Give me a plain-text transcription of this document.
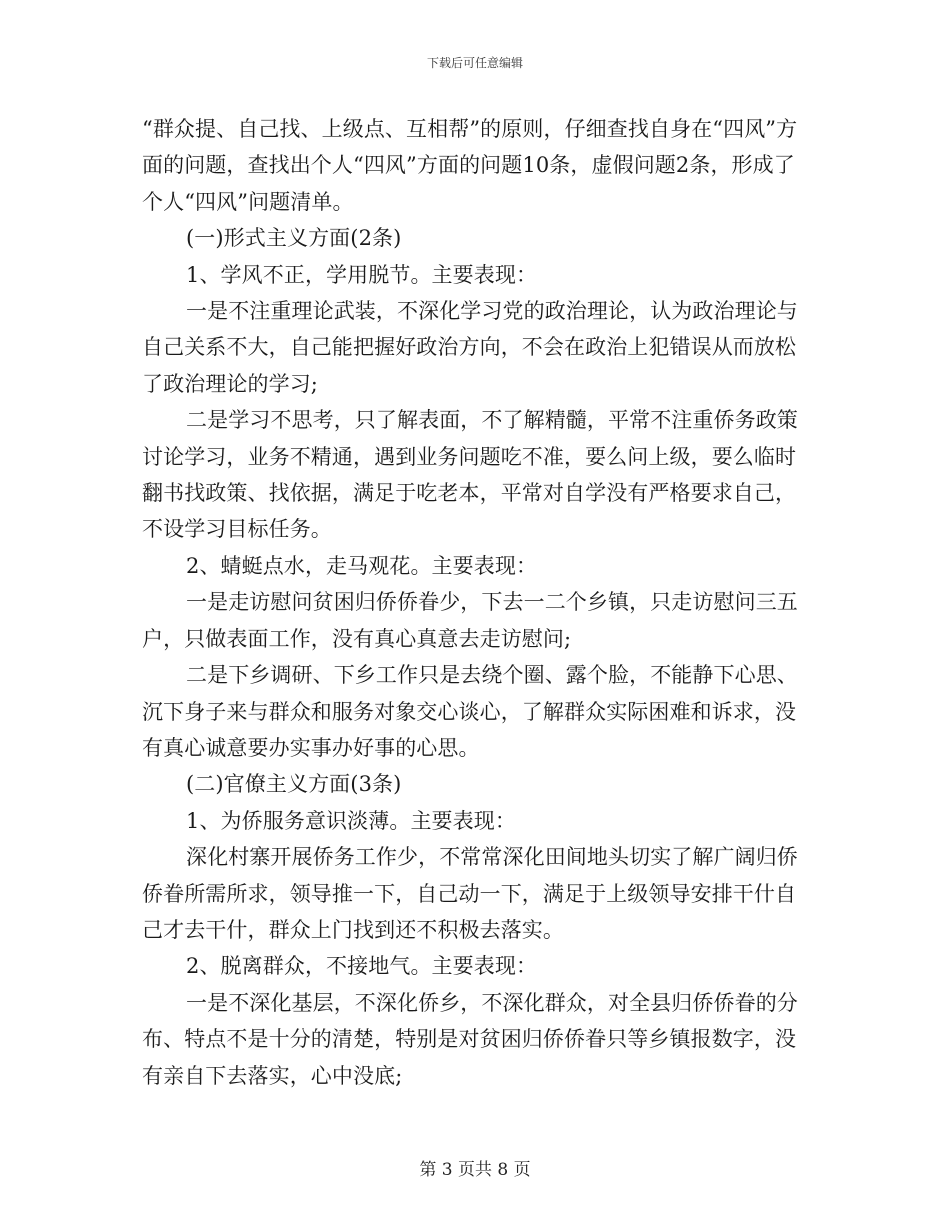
下载后可任意编辑

“群众提、自己找、上级点、互相帮”的原则，仔细查找自身在“四风”方面的问题，查找出个人“四风”方面的问题10条，虚假问题2条，形成了个人“四风”问题清单。

(一)形式主义方面(2条)

1、学风不正，学用脱节。主要表现：

一是不注重理论武装，不深化学习党的政治理论，认为政治理论与自己关系不大，自己能把握好政治方向，不会在政治上犯错误从而放松了政治理论的学习;

二是学习不思考，只了解表面，不了解精髓，平常不注重侨务政策讨论学习，业务不精通，遇到业务问题吃不准，要么问上级，要么临时翻书找政策、找依据，满足于吃老本，平常对自学没有严格要求自己，不设学习目标任务。

2、蜻蜓点水，走马观花。主要表现：

一是走访慰问贫困归侨侨眷少，下去一二个乡镇，只走访慰问三五户，只做表面工作，没有真心真意去走访慰问;

二是下乡调研、下乡工作只是去绕个圈、露个脸，不能静下心思、沉下身子来与群众和服务对象交心谈心，了解群众实际困难和诉求，没有真心诚意要办实事办好事的心思。

(二)官僚主义方面(3条)

1、为侨服务意识淡薄。主要表现：

深化村寨开展侨务工作少，不常常深化田间地头切实了解广阔归侨侨眷所需所求，领导推一下，自己动一下，满足于上级领导安排干什自己才去干什，群众上门找到还不积极去落实。

2、脱离群众，不接地气。主要表现：

一是不深化基层，不深化侨乡，不深化群众，对全县归侨侨眷的分布、特点不是十分的清楚，特别是对贫困归侨侨眷只等乡镇报数字，没有亲自下去落实，心中没底;

第 3 页共 8 页
